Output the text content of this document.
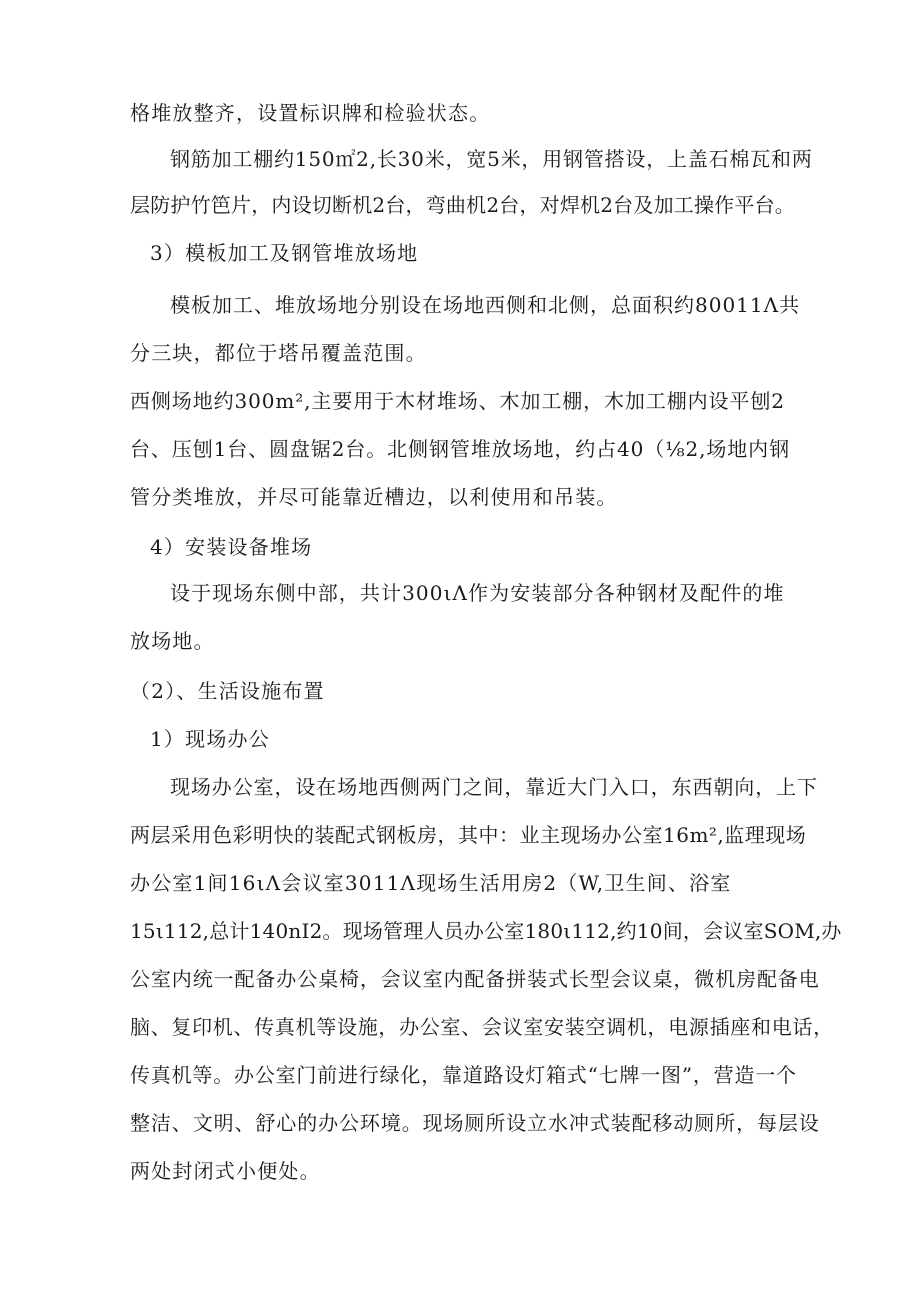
格堆放整齐，设置标识牌和检验状态。
钢筋加工棚约150㎡2,长30米，宽5米，用钢管搭设，上盖石棉瓦和两
层防护竹笆片，内设切断机2台，弯曲机2台，对焊机2台及加工操作平台。
3）模板加工及钢管堆放场地
模板加工、堆放场地分别设在场地西侧和北侧，总面积约80011Λ共
分三块，都位于塔吊覆盖范围。
西侧场地约300m²,主要用于木材堆场、木加工棚，木加工棚内设平刨2
台、压刨1台、圆盘锯2台。北侧钢管堆放场地，约占40（⅛2,场地内钢
管分类堆放，并尽可能靠近槽边，以利使用和吊装。
4）安装设备堆场
设于现场东侧中部，共计300ιΛ作为安装部分各种钢材及配件的堆
放场地。
（2）、生活设施布置
1）现场办公
现场办公室，设在场地西侧两门之间，靠近大门入口，东西朝向，上下
两层采用色彩明快的装配式钢板房，其中：业主现场办公室16m²,监理现场
办公室1间16ιΛ会议室3011Λ现场生活用房2（W,卫生间、浴室
15ι112,总计140nI2。现场管理人员办公室180ι112,约10间，会议室SOM,办
公室内统一配备办公桌椅，会议室内配备拼装式长型会议桌，微机房配备电
脑、复印机、传真机等设施，办公室、会议室安装空调机，电源插座和电话，
传真机等。办公室门前进行绿化，靠道路设灯箱式“七牌一图”，营造一个
整洁、文明、舒心的办公环境。现场厕所设立水冲式装配移动厕所，每层设
两处封闭式小便处。
